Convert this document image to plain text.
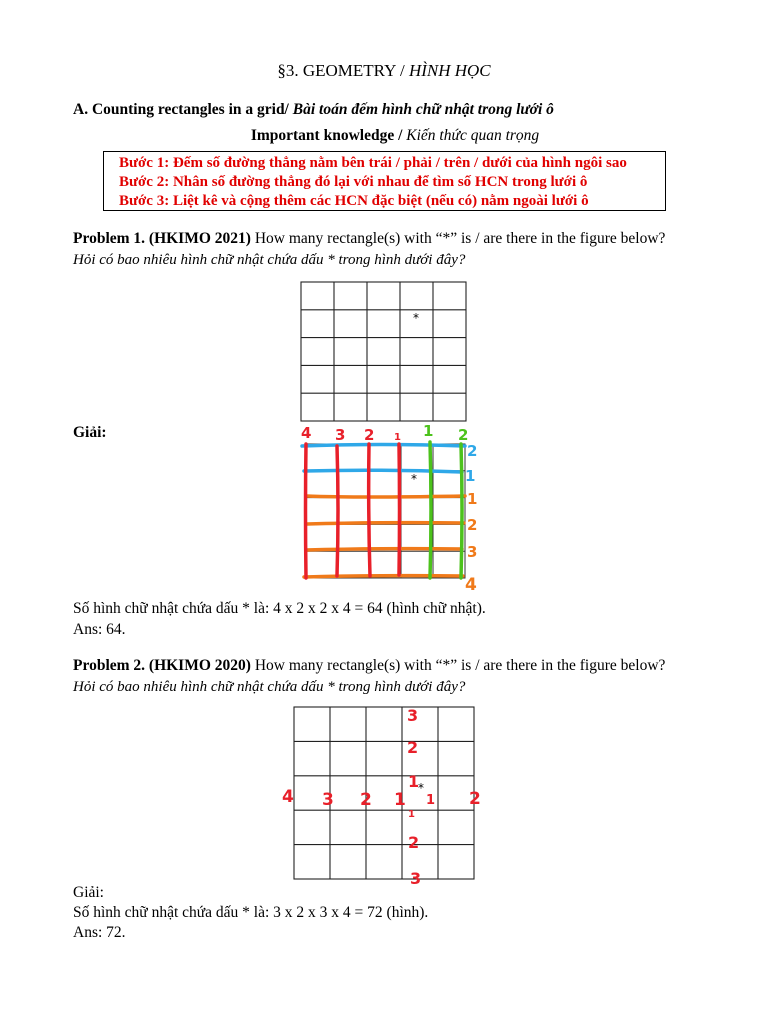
§3. GEOMETRY / HÌNH HỌC
A. Counting rectangles in a grid/ Bài toán đếm hình chữ nhật trong lưới ô
Important knowledge / Kiến thức quan trọng
Bước 1: Đếm số đường thẳng nằm bên trái / phải / trên / dưới của hình ngôi sao
Bước 2: Nhân số đường thẳng đó lại với nhau để tìm số HCN trong lưới ô
Bước 3: Liệt kê và cộng thêm các HCN đặc biệt (nếu có) nằm ngoài lưới ô
Problem 1. (HKIMO 2021) How many rectangle(s) with “*” is / are there in the figure below?
Hỏi có bao nhiêu hình chữ nhật chứa dấu * trong hình dưới đây?
*
Giải:
*
4 3 2 1 1 2
2
1
1
2
3
4
Số hình chữ nhật chứa dấu * là: 4 x 2 x 2 x 4 = 64 (hình chữ nhật).
Ans: 64.
Problem 2. (HKIMO 2020) How many rectangle(s) with “*” is / are there in the figure below?
Hỏi có bao nhiêu hình chữ nhật chứa dấu * trong hình dưới đây?
*
3
2
1
1
2
3
4 3 2 1 1 2
Giải:
Số hình chữ nhật chứa dấu * là: 3 x 2 x 3 x 4 = 72 (hình).
Ans: 72.
